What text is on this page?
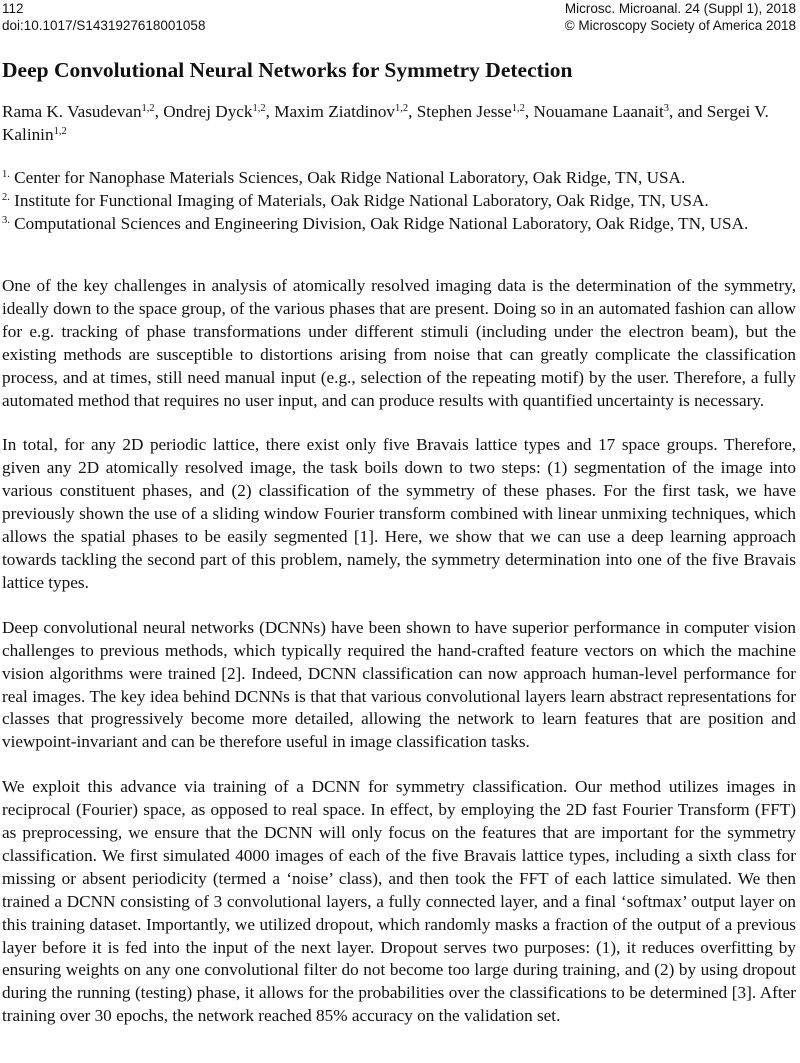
112
doi:10.1017/S1431927618001058
Microsc. Microanal. 24 (Suppl 1), 2018
© Microscopy Society of America 2018
Deep Convolutional Neural Networks for Symmetry Detection

Rama K. Vasudevan$^{1,2}$, Ondrej Dyck$^{1,2}$, Maxim Ziatdinov$^{1,2}$, Stephen Jesse$^{1,2}$, Nouamane Laanait$^3$, and Sergei V. Kalinin$^{1,2}$

$^{1.}$ Center for Nanophase Materials Sciences, Oak Ridge National Laboratory, Oak Ridge, TN, USA.

$^{2.}$ Institute for Functional Imaging of Materials, Oak Ridge National Laboratory, Oak Ridge, TN, USA.

$^{3.}$ Computational Sciences and Engineering Division, Oak Ridge National Laboratory, Oak Ridge, TN, USA.

One of the key challenges in analysis of atomically resolved imaging data is the determination of the symmetry, ideally down to the space group, of the various phases that are present. Doing so in an automated fashion can allow for e.g. tracking of phase transformations under different stimuli (including under the electron beam), but the existing methods are susceptible to distortions arising from noise that can greatly complicate the classification process, and at times, still need manual input (e.g., selection of the repeating motif) by the user. Therefore, a fully automated method that requires no user input, and can produce results with quantified uncertainty is necessary.

In total, for any 2D periodic lattice, there exist only five Bravais lattice types and 17 space groups. Therefore, given any 2D atomically resolved image, the task boils down to two steps: (1) segmentation of the image into various constituent phases, and (2) classification of the symmetry of these phases. For the first task, we have previously shown the use of a sliding window Fourier transform combined with linear unmixing techniques, which allows the spatial phases to be easily segmented [1]. Here, we show that we can use a deep learning approach towards tackling the second part of this problem, namely, the symmetry determination into one of the five Bravais lattice types.

Deep convolutional neural networks (DCNNs) have been shown to have superior performance in computer vision challenges to previous methods, which typically required the hand-crafted feature vectors on which the machine vision algorithms were trained [2]. Indeed, DCNN classification can now approach human-level performance for real images. The key idea behind DCNNs is that that various convolutional layers learn abstract representations for classes that progressively become more detailed, allowing the network to learn features that are position and viewpoint-invariant and can be therefore useful in image classification tasks.

We exploit this advance via training of a DCNN for symmetry classification. Our method utilizes images in reciprocal (Fourier) space, as opposed to real space. In effect, by employing the 2D fast Fourier Transform (FFT) as preprocessing, we ensure that the DCNN will only focus on the features that are important for the symmetry classification. We first simulated 4000 images of each of the five Bravais lattice types, including a sixth class for missing or absent periodicity (termed a ‘noise’ class), and then took the FFT of each lattice simulated. We then trained a DCNN consisting of 3 convolutional layers, a fully connected layer, and a final ‘softmax’ output layer on this training dataset. Importantly, we utilized dropout, which randomly masks a fraction of the output of a previous layer before it is fed into the input of the next layer. Dropout serves two purposes: (1), it reduces overfitting by ensuring weights on any one convolutional filter do not become too large during training, and (2) by using dropout during the running (testing) phase, it allows for the probabilities over the classifications to be determined [3]. After training over 30 epochs, the network reached 85% accuracy on the validation set.
